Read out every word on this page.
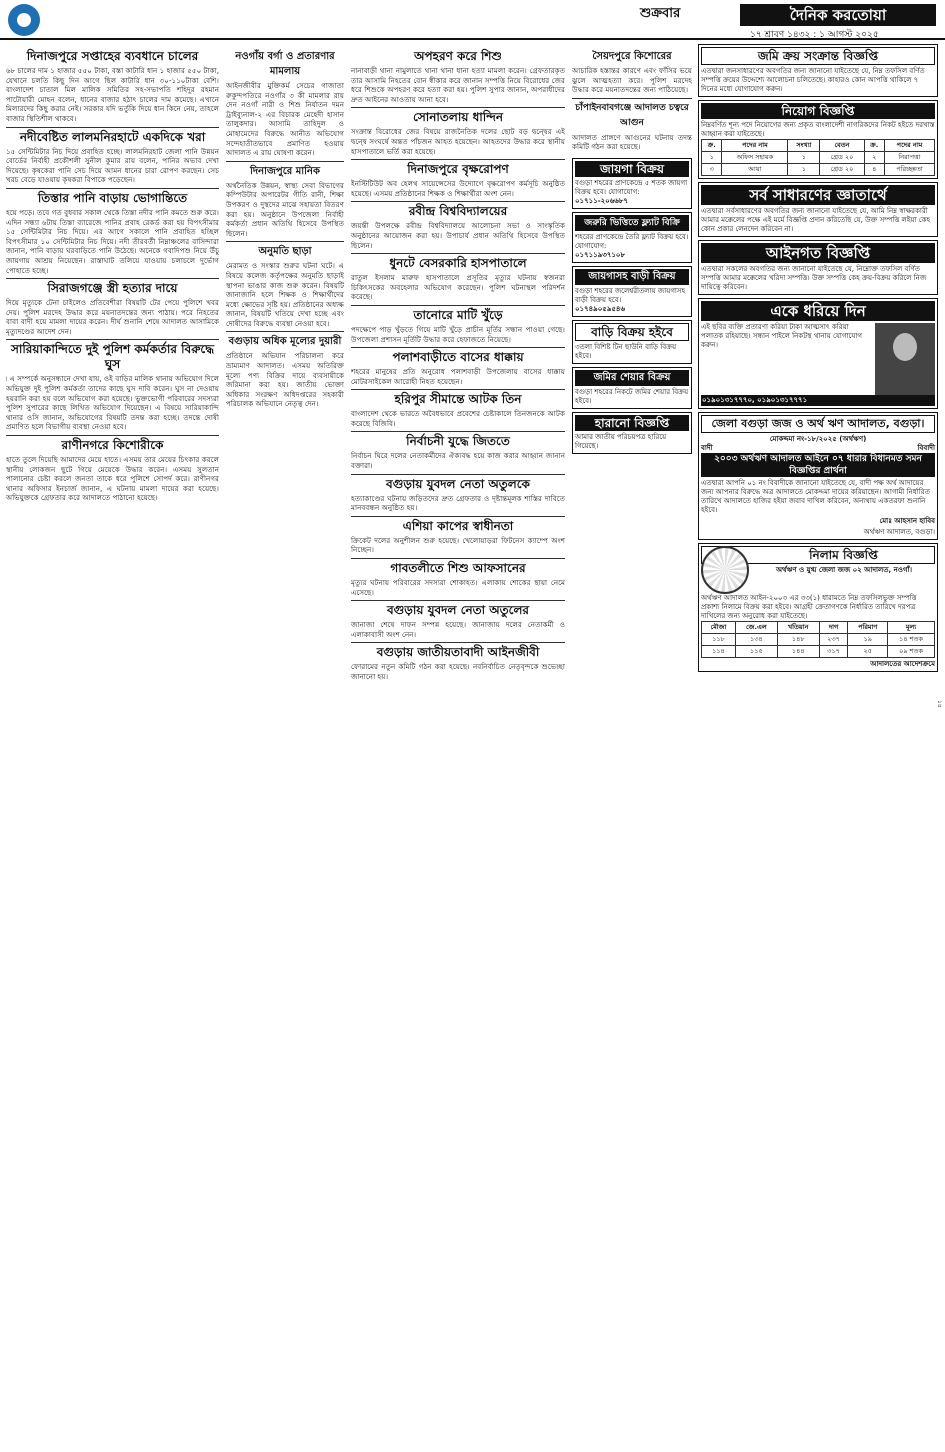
শুক্রবার	দৈনিক করতোয়া
১৭ শ্রাবণ ১৪৩২ : ১ আগস্ট ২০২৫
দিনাজপুরে সপ্তাহের ব্যবধানে চালের

৬৮ চালের দাম ১ হাজার ৫৫০ টাকা, বস্তা কাটারি ধান ১ হাজার ৫৫০ টাকা, যেখানে চলতি কিছু দিন আগে ছিল কাটারি ধান ৩০-১১০টাকা বেশি। বাংলাদেশ চাতাল মিল মালিক সমিতির সহ-সভাপতি শহিদুর রহমান পাটোয়ারী মোহন বলেন, ধানের বাজার হঠাৎ চালের দাম কমেছে। এখানে মিলারদের কিছু করার নেই। সরকার যদি ভর্তুকি দিয়ে ধান কিনে নেয়, তাহলে বাজার স্থিতিশীল থাকবে।

নদীবেষ্টিত লালমনিরহাটে একদিকে খরা

১৫ সেন্টিমিটার নিচ দিয়ে প্রবাহিত হচ্ছে। লালমনিরহাট জেলা পানি উন্নয়ন বোর্ডের নির্বাহী প্রকৌশলী সুনীল কুমার রায় বলেন, পানির অভাব দেখা দিয়েছে। কৃষকেরা পানি সেচ দিয়ে আমন ধানের চারা রোপণ করছেন। সেচ খরচ বেড়ে যাওয়ায় কৃষকরা বিপাকে পড়েছেন।

তিস্তার পানি বাড়ায় ভোগান্তিতে

হয়ে পড়ে। তবে গত বুধবার সকাল থেকে তিস্তা নদীর পানি কমতে শুরু করে। এদিন সন্ধ্যা ৬টায় তিস্তা ব্যারেজে পানির প্রবাহ রেকর্ড করা হয় বিপৎসীমার ১৫ সেন্টিমিটার নিচ দিয়ে। এর আগে সকালে পানি প্রবাহিত হচ্ছিল বিপৎসীমার ১০ সেন্টিমিটার নিচ দিয়ে। নদী তীরবর্তী নিম্নাঞ্চলের বাসিন্দারা জানান, পানি বাড়ায় ঘরবাড়িতে পানি উঠেছে। অনেকে গবাদিপশু নিয়ে উঁচু জায়গায় আশ্রয় নিয়েছেন। রাস্তাঘাট তলিয়ে যাওয়ায় চলাচলে দুর্ভোগ পোহাতে হচ্ছে।

সিরাজগঞ্জে স্ত্রী হত্যার দায়ে

দিয়ে মৃত্যুকে টেনা চাইলেও প্রতিবেশীরা বিষয়টি টের পেয়ে পুলিশে খবর দেয়। পুলিশ মরদেহ উদ্ধার করে ময়নাতদন্তের জন্য পাঠায়। পরে নিহতের বাবা বাদী হয়ে মামলা দায়ের করেন। দীর্ঘ শুনানি শেষে আদালত আসামিকে মৃত্যুদণ্ডের আদেশ দেন।

সারিয়াকান্দিতে দুই পুলিশ কর্মকর্তার বিরুদ্ধে ঘুস

৷ এ সম্পর্কে অনুসন্ধানে দেখা যায়, ওই বাড়ির মালিক থানায় অভিযোগ দিলে অভিযুক্ত দুই পুলিশ কর্মকর্তা তাদের কাছে ঘুস দাবি করেন। ঘুস না দেওয়ায় হয়রানি করা হয় বলে অভিযোগ করা হয়েছে। ভুক্তভোগী পরিবারের সদস্যরা পুলিশ সুপারের কাছে লিখিত অভিযোগ দিয়েছেন। এ বিষয়ে সারিয়াকান্দি থানার ওসি জানান, অভিযোগের বিষয়টি তদন্ত করা হচ্ছে। তদন্তে দোষী প্রমাণিত হলে বিভাগীয় ব্যবস্থা নেওয়া হবে।

রাণীনগরে কিশোরীকে

হাতে তুলে দিয়েছি আমাদের মেয়ে হাতে। এসময় তার মেয়ের চিৎকার করলে স্থানীয় লোকজন ছুটে গিয়ে মেয়েকে উদ্ধার করেন। এসময় সুলতান পালানোর চেষ্টা করলে জনতা তাকে ধরে পুলিশে সোপর্দ করে। রাণীনগর থানার অফিসার ইনচার্জ জানান, এ ঘটনায় মামলা দায়ের করা হয়েছে। অভিযুক্তকে গ্রেফতার করে আদালতে পাঠানো হয়েছে।

নওগাঁয় বর্গা ও প্রতারণার মামলায়

আইনজীবীর মুক্তিকর্ম সেচের গাজাতা রুকুন্দপতিরে নওগাঁর ৩ কী মামলার রায় দেন নওগাঁ নারী ও শিশু নির্যাতন দমন ট্রাইব্যুনাল-২ এর বিচারক মেহেদী হাসান তালুকদার। আসামি তাহিদুল ও মোহামেদের বিরুদ্ধে আনীত অভিযোগ সন্দেহাতীতভাবে প্রমাণিত হওয়ায় আদালত এ রায় ঘোষণা করেন।

দিনাজপুরে মানিক

অর্থনৈতিক উন্নয়ন, স্বাস্থ্য সেবা বিভাগের কম্পিউটার অপারেটর গীতি রানী, শিক্ষা উপকরণ ও দুস্থদের মাঝে সহায়তা বিতরণ করা হয়। অনুষ্ঠানে উপজেলা নির্বাহী কর্মকর্তা প্রধান অতিথি হিসেবে উপস্থিত ছিলেন।

অনুমতি ছাড়া

মেরামত ও সংস্কার শুরুর ঘটনা ঘটে। এ বিষয়ে কলেজ কর্তৃপক্ষের অনুমতি ছাড়াই স্থাপনা ভাঙার কাজ শুরু করেন। বিষয়টি জানাজানি হলে শিক্ষক ও শিক্ষার্থীদের মধ্যে ক্ষোভের সৃষ্টি হয়। প্রতিষ্ঠানের অধ্যক্ষ জানান, বিষয়টি খতিয়ে দেখা হচ্ছে এবং দোষীদের বিরুদ্ধে ব্যবস্থা নেওয়া হবে।

বগুড়ায় অধিক মূল্যের দুয়ারী

প্রতিষ্ঠানে অভিযান পরিচালনা করে ভ্রাম্যমাণ আদালত। এসময় অতিরিক্ত মূল্যে পণ্য বিক্রির দায়ে ব্যবসায়ীকে জরিমানা করা হয়। জাতীয় ভোক্তা অধিকার সংরক্ষণ অধিদপ্তরের সহকারী পরিচালক অভিযানে নেতৃত্ব দেন।

অপহরণ করে শিশু

নানাবাড়ী থানা নামুলাতে থানা থানা ধানা হত্যা মামলা করেন। গ্রেফতারকৃত তার আসামি নিহতের বোন স্বীকার করে জানান সম্পত্তি নিয়ে বিরোধের জের ধরে শিশুকে অপহরণ করে হত্যা করা হয়। পুলিশ সুপার জানান, অপরাধীদের দ্রুত আইনের আওতায় আনা হবে।

সোনাতলায় ধান্দিন

সংক্রান্ত বিরোধের জের বিষয়ে রাজনৈতিক দলের ছোট বড় দ্বন্দ্বের এই দ্বন্দ্বে সংঘর্ষে অন্তত পাঁচজন আহত হয়েছেন। আহতদের উদ্ধার করে স্থানীয় হাসপাতালে ভর্তি করা হয়েছে।

দিনাজপুরে বৃক্ষরোপণ

ইনস্টিটিউট অব হেলথ সায়েন্সেসের উদ্যোগে বৃক্ষরোপণ কর্মসূচি অনুষ্ঠিত হয়েছে। এসময় প্রতিষ্ঠানের শিক্ষক ও শিক্ষার্থীরা অংশ নেন।

রবীন্দ্র বিশ্ববিদ্যালয়ের

জয়ন্তী উপলক্ষে রবীন্দ্র বিশ্ববিদ্যালয়ে আলোচনা সভা ও সাংস্কৃতিক অনুষ্ঠানের আয়োজন করা হয়। উপাচার্য প্রধান অতিথি হিসেবে উপস্থিত ছিলেন।

ধুনটে বেসরকারি হাসপাতালে

রাতুল ইসলাম মারুফ হাসপাতালে প্রসূতির মৃত্যুর ঘটনায় স্বজনরা চিকিৎসকের অবহেলার অভিযোগ করেছেন। পুলিশ ঘটনাস্থল পরিদর্শন করেছে।

তানোরে মাটি খুঁড়ে

পদক্ষেপে পাড় খুঁড়তে গিয়ে মাটি খুঁড়ে প্রাচীন মূর্তির সন্ধান পাওয়া গেছে। উপজেলা প্রশাসন মূর্তিটি উদ্ধার করে হেফাজতে নিয়েছে।

পলাশবাড়ীতে বাসের ধাক্কায়

শহরের মানুষের প্রতি অনুরোধ পলাশবাড়ী উপজেলায় বাসের ধাক্কায় মোটরসাইকেল আরোহী নিহত হয়েছেন।

হরিপুর সীমান্তে আটক তিন

বাংলাদেশ থেকে ভারতে অবৈধভাবে প্রবেশের চেষ্টাকালে তিনজনকে আটক করেছে বিজিবি।

নির্বাচনী যুদ্ধে জিততে

নির্বাচন ঘিরে দলের নেতাকর্মীদের ঐক্যবদ্ধ হয়ে কাজ করার আহ্বান জানান বক্তারা।

বগুড়ায় যুবদল নেতা অতুলকে

হত্যাকাণ্ডের ঘটনায় জড়িতদের দ্রুত গ্রেফতার ও দৃষ্টান্তমূলক শাস্তির দাবিতে মানববন্ধন অনুষ্ঠিত হয়।

এশিয়া কাপের স্বাধীনতা

ক্রিকেট দলের অনুশীলন শুরু হয়েছে। খেলোয়াড়রা ফিটনেস ক্যাম্পে অংশ নিচ্ছেন।

গাবতলীতে শিশু আফসানের

মৃত্যুর ঘটনায় পরিবারের সদস্যরা শোকাহত। এলাকায় শোকের ছায়া নেমে এসেছে।

বগুড়ায় যুবদল নেতা অতুলের

জানাজা শেষে দাফন সম্পন্ন হয়েছে। জানাজায় দলের নেতাকর্মী ও এলাকাবাসী অংশ নেন।

বগুড়ায় জাতীয়তাবাদী আইনজীবী

ফোরামের নতুন কমিটি গঠন করা হয়েছে। নবনির্বাচিত নেতৃবৃন্দকে শুভেচ্ছা জানানো হয়।

সৈয়দপুরে কিশোরের

আচারিক হস্তান্তর কারণে এবং ফাঁসির ভয়ে ঝুলে আত্মহত্যা করে। পুলিশ মরদেহ উদ্ধার করে ময়নাতদন্তের জন্য পাঠিয়েছে।

চাঁপাইনবাবগঞ্জে আদালত চত্বরে আগুন

আদালত প্রাঙ্গণে আগুনের ঘটনায় তদন্ত কমিটি গঠন করা হয়েছে।

জায়গা বিক্রয়
বগুড়া শহরের প্রাণকেন্দ্রে ৫ শতক জায়গা বিক্রয় হবে। যোগাযোগ:
০১৭১১-২০৬৬৮৭
জরুরি ভিত্তিতে ফ্ল্যাট বিক্রি
শহরের প্রাণকেন্দ্রে তৈরি ফ্ল্যাট বিক্রয় হবে। যোগাযোগ:
০১৭১১৯৩৭১০৮
জায়গাসহ বাড়ী বিক্রয়
বগুড়া শহরের জলেশ্বরীতলায় জায়গাসহ বাড়ী বিক্রয় হবে।
০১৭৪৯০৫৯৫৪৬
বাড়ি বিক্রয় হইবে
৩তলা বিশিষ্ট টিন ছাউনি বাড়ি বিক্রয় হইবে।
জমির শেয়ার বিক্রয়
বগুড়া শহরের নিকটে জমির শেয়ার বিক্রয় হইবে।
হারানো বিজ্ঞপ্তি
আমার জাতীয় পরিচয়পত্র হারিয়ে গিয়েছে।
জমি ক্রয় সংক্রান্ত বিজ্ঞপ্তি
এতদ্বারা জনসাধারণের অবগতির জন্য জানানো যাইতেছে যে, নিম্ন তফসিল বর্ণিত সম্পত্তি ক্রয়ের উদ্দেশ্যে আলোচনা চলিতেছে। কাহারও কোন আপত্তি থাকিলে ৭ দিনের মধ্যে যোগাযোগ করুন।
নিয়োগ বিজ্ঞপ্তি
নিম্নবর্ণিত শূন্য পদে নিয়োগের জন্য প্রকৃত বাংলাদেশী নাগরিকদের নিকট হইতে দরখাস্ত আহ্বান করা যাইতেছে।
ক্র.	পদের নাম	সংখ্যা	বেতন	ক্র.	পদের নাম
১	অফিস সহায়ক	১	গ্রেড ২০	২	নিরাপত্তা
৩	আয়া	১	গ্রেড ২০	৪	পরিচ্ছন্নতা
সর্ব সাধারণের জ্ঞাতার্থে
এতদ্বারা সর্বসাধারণের অবগতির জন্য জানানো যাইতেছে যে, আমি নিম্ন স্বাক্ষরকারী আমার মক্কেলের পক্ষে এই মর্মে বিজ্ঞপ্তি প্রদান করিতেছি যে, উক্ত সম্পত্তি লইয়া কেহ কোন প্রকার লেনদেন করিবেন না।
আইনগত বিজ্ঞপ্তি
এতদ্বারা সকলের অবগতির জন্য জানানো যাইতেছে যে, নিম্নোক্ত তফসিল বর্ণিত সম্পত্তি আমার মক্কেলের খরিদা সম্পত্তি। উক্ত সম্পত্তি কেহ ক্রয়-বিক্রয় করিলে নিজ দায়িত্বে করিবেন।
একে ধরিয়ে দিন
এই ছবির ব্যক্তি প্রতারণা করিয়া টাকা আত্মসাৎ করিয়া পলাতক রহিয়াছে। সন্ধান পাইলে নিকটস্থ থানায় যোগাযোগ করুন।
০১৯০১৩১৭৭৭০, ০১৯০১৩১৭৭৭১
জেলা বগুড়া জজ ও অর্থ ঋণ আদালত, বগুড়া।
মোকদ্দমা নং-১৮/২০২৫ (অর্থঋণ)
বাদী	বিবাদী
২০০৩ অর্থঋণ আদালত আইনে ০৭ ধারার বিধানমত সমন বিজ্ঞপ্তির প্রার্থনা
এতদ্বারা আপনি ০১ নং বিবাদীকে জানানো যাইতেছে যে, বাদী পক্ষ অর্থ আদায়ের জন্য আপনার বিরুদ্ধে অত্র আদালতে মোকদ্দমা দায়ের করিয়াছেন। আগামী নির্ধারিত তারিখে আদালতে হাজির হইয়া জবাব দাখিল করিবেন, অন্যথায় একতরফা শুনানি হইবে।
মোঃ আহসান হাবিব
অর্থঋণ আদালত, বগুড়া।
নিলাম বিজ্ঞপ্তি
অর্থঋণ ও যুগ্ম জেলা জজ ০২ আদালত, নওগাঁ।
অর্থঋণ আদালত আইন-২০০৩ এর ৩৩(১) ধারামতে নিম্ন তফসিলভুক্ত সম্পত্তি প্রকাশ্য নিলামে বিক্রয় করা হইবে। আগ্রহী ক্রেতাগণকে নির্ধারিত তারিখে দরপত্র দাখিলের জন্য অনুরোধ করা যাইতেছে।
মৌজা	জে.এল	খতিয়ান	দাগ	পরিমাণ	মূল্য
১১৮	১৩৪	১৪৮	২৩৭	১৯	১৪ শতক
১১৪	১১৫	১৪৪	৩১৭	২৫	০৯ শতক
আদালতের আদেশক্রমে
১৪
